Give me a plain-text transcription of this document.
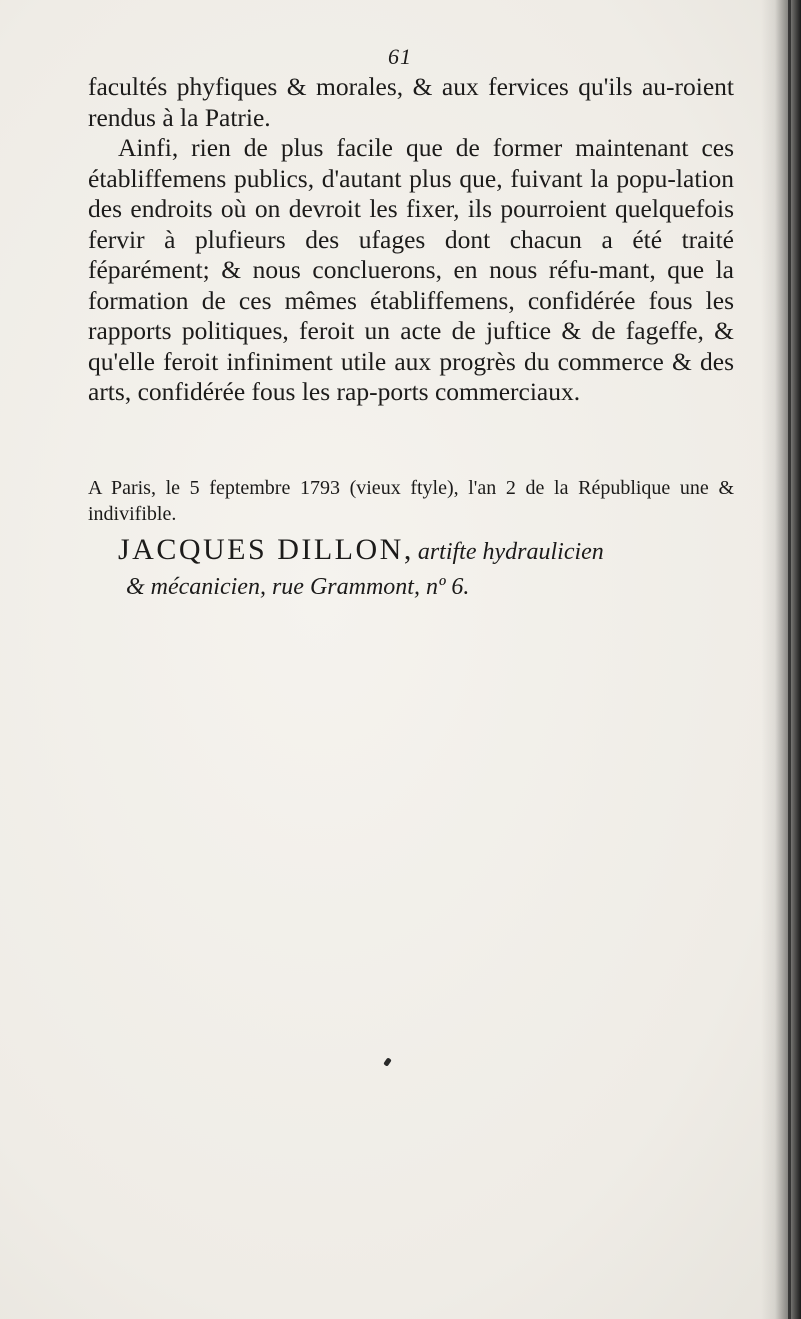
61

facultés phyfiques & morales, & aux fervices qu'ils au-roient rendus à la Patrie.

Ainfi, rien de plus facile que de former maintenant ces établiffemens publics, d'autant plus que, fuivant la popu-lation des endroits où on devroit les fixer, ils pourroient quelquefois fervir à plufieurs des ufages dont chacun a été traité féparément; & nous concluerons, en nous réfu-mant, que la formation de ces mêmes établiffemens, confidérée fous les rapports politiques, feroit un acte de juftice & de fageffe, & qu'elle feroit infiniment utile aux progrès du commerce & des arts, confidérée fous les rap-ports commerciaux.

A Paris, le 5 feptembre 1793 (vieux ftyle), l'an 2 de la République une & indivifible.
JACQUES DILLON, artifte hydraulicien
& mécanicien, rue Grammont, nº 6.
